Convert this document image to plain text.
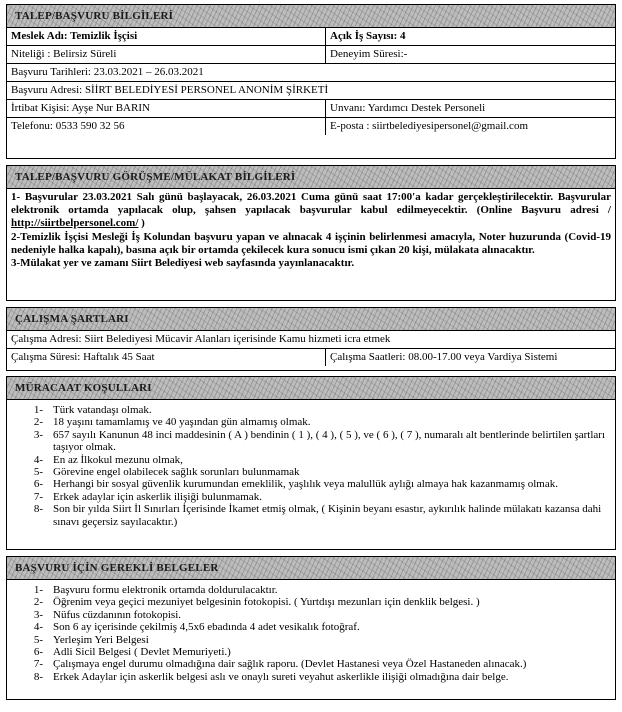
TALEP/BAŞVURU BİLGİLERİ
Meslek Adı: Temizlik İşçisi	Açık İş Sayısı: 4
Niteliği : Belirsiz Süreli	Deneyim Süresi:-
Başvuru Tarihleri: 23.03.2021 – 26.03.2021
Başvuru Adresi: SİİRT BELEDİYESİ PERSONEL ANONİM ŞİRKETİ
İrtibat Kişisi: Ayşe Nur BARIN	Unvanı: Yardımcı Destek Personeli
Telefonu: 0533 590 32 56	E-posta : siirtbelediyesipersonel@gmail.com
TALEP/BAŞVURU GÖRÜŞME/MÜLAKAT BİLGİLERİ

1- Başvurular 23.03.2021 Salı günü başlayacak, 26.03.2021 Cuma günü saat 17:00'a kadar gerçekleştirilecektir. Başvurular elektronik ortamda yapılacak olup, şahsen yapılacak başvurular kabul edilmeyecektir. (Online Başvuru adresi / http://siirtbelpersonel.com/ )

2-Temizlik İşçisi Mesleği İş Kolundan başvuru yapan ve alınacak 4 işçinin belirlenmesi amacıyla, Noter huzurunda (Covid-19 nedeniyle halka kapalı), basına açık bir ortamda çekilecek kura sonucu ismi çıkan 20 kişi, mülakata alınacaktır.

3-Mülakat yer ve zamanı Siirt Belediyesi web sayfasında yayınlanacaktır.

ÇALIŞMA ŞARTLARI
Çalışma Adresi: Siirt Belediyesi Mücavir Alanları içerisinde Kamu hizmeti icra etmek
Çalışma Süresi: Haftalık 45 Saat	Çalışma Saatleri: 08.00-17.00 veya Vardiya Sistemi
MÜRACAAT KOŞULLARI
1- Türk vatandaşı olmak.
2- 18 yaşını tamamlamış ve 40 yaşından gün almamış olmak.
3- 657 sayılı Kanunun 48 inci maddesinin ( A ) bendinin ( 1 ), ( 4 ), ( 5 ), ve ( 6 ), ( 7 ), numaralı alt bentlerinde belirtilen şartları taşıyor olmak.
4- En az İlkokul mezunu olmak,
5- Görevine engel olabilecek sağlık sorunları bulunmamak
6- Herhangi bir sosyal güvenlik kurumundan emeklilik, yaşlılık veya malullük aylığı almaya hak kazanmamış olmak.
7- Erkek adaylar için askerlik ilişiği bulunmamak.
8- Son bir yılda Siirt İl Sınırları İçerisinde İkamet etmiş olmak, ( Kişinin beyanı esastır, aykırılık halinde mülakatı kazansa dahi sınavı geçersiz sayılacaktır.)
BAŞVURU İÇİN GEREKLİ BELGELER
1- Başvuru formu elektronik ortamda doldurulacaktır.
2- Öğrenim veya geçici mezuniyet belgesinin fotokopisi. ( Yurtdışı mezunları için denklik belgesi. )
3- Nüfus cüzdanının fotokopisi.
4- Son 6 ay içerisinde çekilmiş 4,5x6 ebadında 4 adet vesikalık fotoğraf.
5- Yerleşim Yeri Belgesi
6- Adli Sicil Belgesi ( Devlet Memuriyeti.)
7- Çalışmaya engel durumu olmadığına dair sağlık raporu. (Devlet Hastanesi veya Özel Hastaneden alınacak.)
8- Erkek Adaylar için askerlik belgesi aslı ve onaylı sureti veyahut askerlikle ilişiği olmadığına dair belge.
